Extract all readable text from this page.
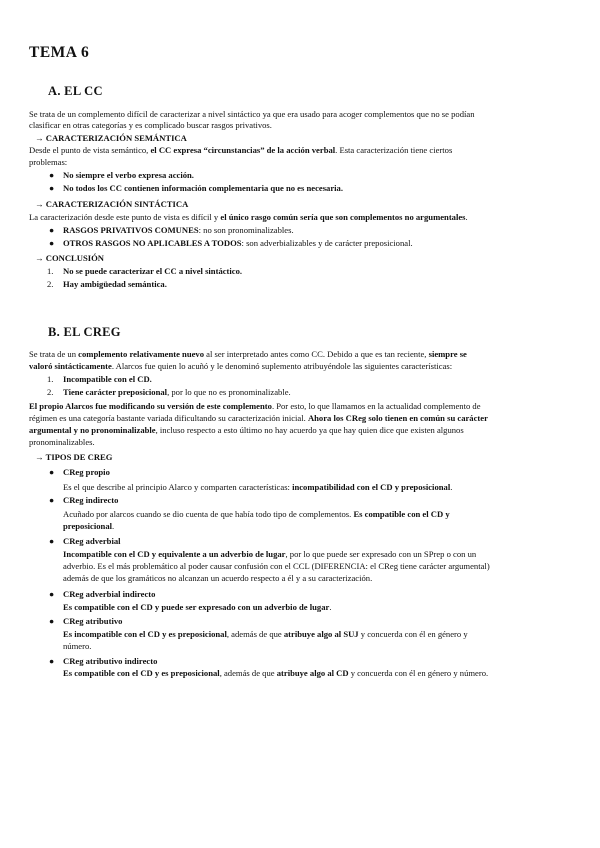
TEMA 6
A. EL CC
Se trata de un complemento difícil de caracterizar a nivel sintáctico ya que era usado para acoger complementos que no se podían
clasificar en otras categorías y es complicado buscar rasgos privativos.
→ CARACTERIZACIÓN SEMÁNTICA
Desde el punto de vista semántico, el CC expresa “circunstancias” de la acción verbal. Esta caracterización tiene ciertos
problemas:
● No siempre el verbo expresa acción.
● No todos los CC contienen información complementaria que no es necesaria.
→ CARACTERIZACIÓN SINTÁCTICA
La caracterización desde este punto de vista es difícil y el único rasgo común sería que son complementos no argumentales.
● RASGOS PRIVATIVOS COMUNES: no son pronominalizables.
● OTROS RASGOS NO APLICABLES A TODOS: son adverbializables y de carácter preposicional.
→ CONCLUSIÓN
1. No se puede caracterizar el CC a nivel sintáctico.
2. Hay ambigüedad semántica.
B. EL CREG
Se trata de un complemento relativamente nuevo al ser interpretado antes como CC. Debido a que es tan reciente, siempre se
valoró sintácticamente. Alarcos fue quien lo acuñó y le denominó suplemento atribuyéndole las siguientes características:
1. Incompatible con el CD.
2. Tiene carácter preposicional, por lo que no es pronominalizable.
El propio Alarcos fue modificando su versión de este complemento. Por esto, lo que llamamos en la actualidad complemento de
régimen es una categoría bastante variada dificultando su caracterización inicial. Ahora los CReg solo tienen en común su carácter
argumental y no pronominalizable, incluso respecto a esto último no hay acuerdo ya que hay quien dice que existen algunos
pronominalizables.
→ TIPOS DE CREG
● CReg propio
Es el que describe al principio Alarco y comparten características: incompatibilidad con el CD y preposicional.
● CReg indirecto
Acuñado por alarcos cuando se dio cuenta de que había todo tipo de complementos. Es compatible con el CD y
preposicional.
● CReg adverbial
Incompatible con el CD y equivalente a un adverbio de lugar, por lo que puede ser expresado con un SPrep o con un
adverbio. Es el más problemático al poder causar confusión con el CCL (DIFERENCIA: el CReg tiene carácter argumental)
además de que los gramáticos no alcanzan un acuerdo respecto a él y a su caracterización.
● CReg adverbial indirecto
Es compatible con el CD y puede ser expresado con un adverbio de lugar.
● CReg atributivo
Es incompatible con el CD y es preposicional, además de que atribuye algo al SUJ y concuerda con él en género y
número.
● CReg atributivo indirecto
Es compatible con el CD y es preposicional, además de que atribuye algo al CD y concuerda con él en género y número.
